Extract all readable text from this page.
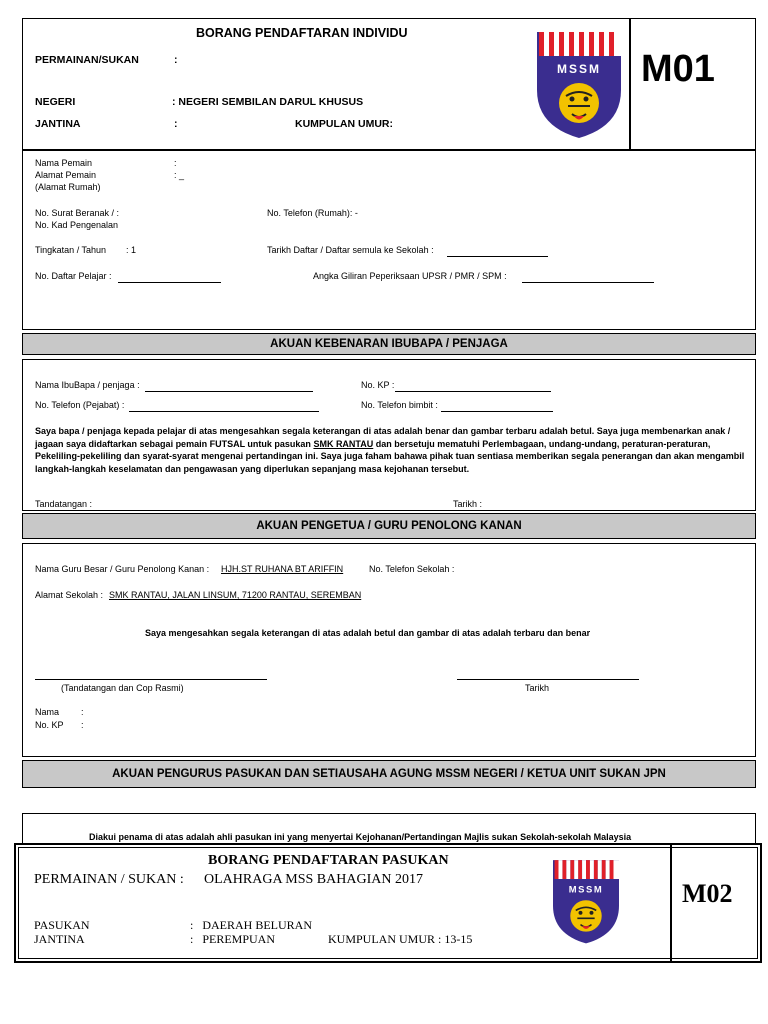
BORANG PENDAFTARAN INDIVIDU
PERMAINAN/SUKAN	:
NEGERI	: NEGERI SEMBILAN DARUL KHUSUS
JANTINA	:	KUMPULAN UMUR:
MSSM M01
Nama Pemain	:
Alamat Pemain	: _
(Alamat Rumah)
No. Surat Beranak / :
No. Kad Pengenalan
No. Telefon (Rumah): -
Tingkatan / Tahun : 1	Tarikh Daftar / Daftar semula ke Sekolah :
No. Daftar Pelajar :	Angka Giliran Peperiksaan UPSR / PMR / SPM :
AKUAN KEBENARAN IBUBAPA / PENJAGA
Nama IbuBapa / penjaga :	No. KP :
No. Telefon (Pejabat) :	No. Telefon bimbit :
Saya bapa / penjaga kepada pelajar di atas mengesahkan segala keterangan di atas adalah benar dan gambar terbaru adalah betul. Saya juga membenarkan anak / jagaan saya didaftarkan sebagai pemain FUTSAL untuk pasukan SMK RANTAU dan bersetuju mematuhi Perlembagaan, undang-undang, peraturan-peraturan, Pekeliling-pekeliling dan syarat-syarat mengenai pertandingan ini. Saya juga faham bahawa pihak tuan sentiasa memberikan segala penerangan dan akan mengambil langkah-langkah keselamatan dan pengawasan yang diperlukan sepanjang masa kejohanan tersebut.
Tandatangan :	Tarikh :
AKUAN PENGETUA / GURU PENOLONG KANAN
Nama Guru Besar / Guru Penolong Kanan : HJH.ST RUHANA BT ARIFFIN	No. Telefon Sekolah :
Alamat Sekolah : SMK RANTAU, JALAN LINSUM, 71200 RANTAU, SEREMBAN
Saya mengesahkan segala keterangan di atas adalah betul dan gambar di atas adalah terbaru dan benar
(Tandatangan dan Cop Rasmi)	Tarikh
Nama :
No. KP :
AKUAN PENGURUS PASUKAN DAN SETIAUSAHA AGUNG MSSM NEGERI / KETUA UNIT SUKAN JPN
Diakui penama di atas adalah ahli pasukan ini yang menyertai Kejohanan/Pertandingan Majlis sukan Sekolah-sekolah Malaysia
BORANG PENDAFTARAN PASUKAN
PERMAINAN / SUKAN : OLAHRAGA MSS BAHAGIAN 2017
PASUKAN	:   DAERAH BELURAN
JANTINA	:   PEREMPUAN	KUMPULAN UMUR : 13-15
MSSM	M02
